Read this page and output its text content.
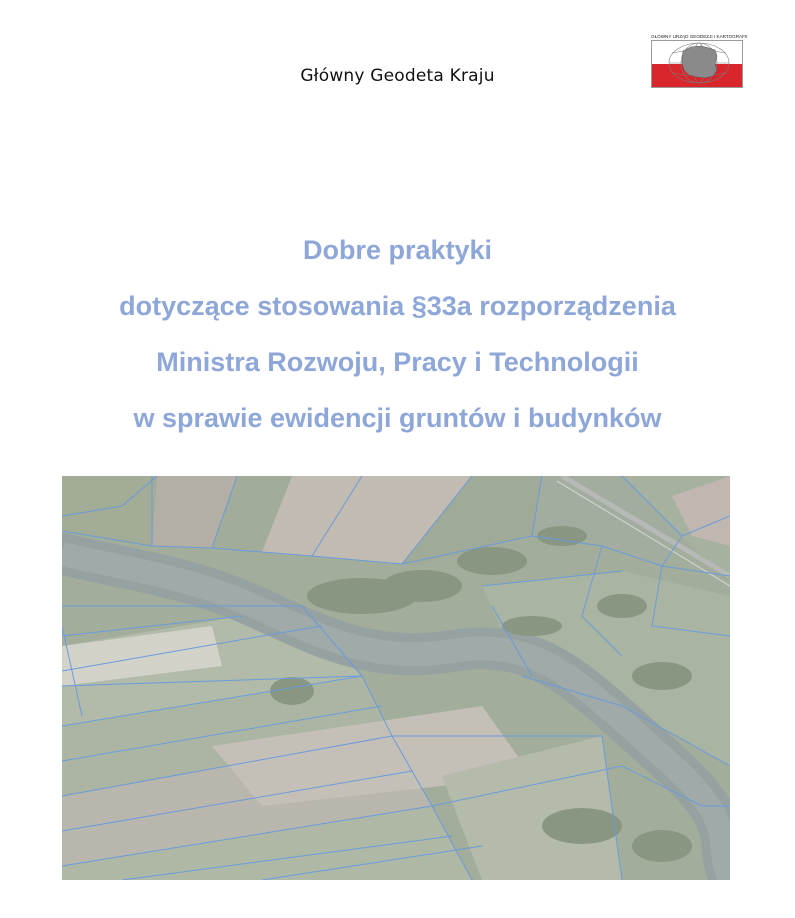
Główny Geodeta Kraju
GŁÓWNY URZĄD GEODEZJI I KARTOGRAFII
Dobre praktyki
dotyczące stosowania §33a rozporządzenia
Ministra Rozwoju, Pracy i Technologii
w sprawie ewidencji gruntów i budynków
